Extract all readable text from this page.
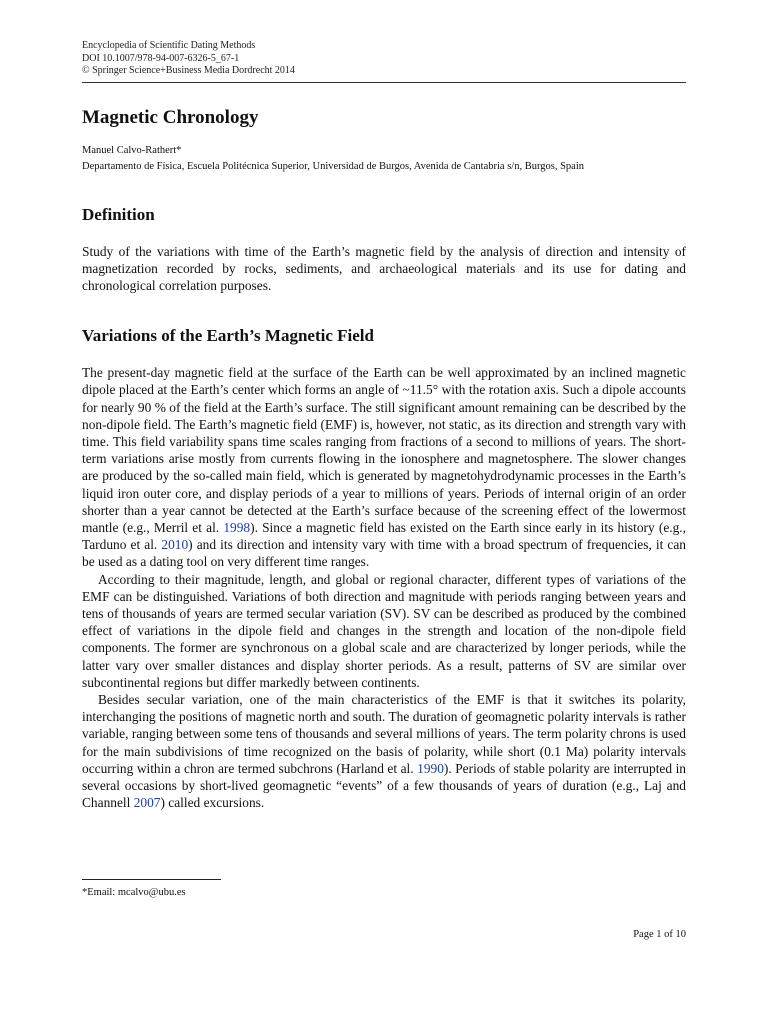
Encyclopedia of Scientific Dating Methods
DOI 10.1007/978-94-007-6326-5_67-1
© Springer Science+Business Media Dordrecht 2014
Magnetic Chronology
Manuel Calvo-Rathert*
Departamento de Física, Escuela Politécnica Superior, Universidad de Burgos, Avenida de Cantabria s/n, Burgos, Spain
Definition

Study of the variations with time of the Earth’s magnetic field by the analysis of direction and intensity of magnetization recorded by rocks, sediments, and archaeological materials and its use for dating and chronological correlation purposes.

Variations of the Earth’s Magnetic Field

The present-day magnetic field at the surface of the Earth can be well approximated by an inclined magnetic dipole placed at the Earth’s center which forms an angle of ~11.5° with the rotation axis. Such a dipole accounts for nearly 90 % of the field at the Earth’s surface. The still significant amount remaining can be described by the non-dipole field. The Earth’s magnetic field (EMF) is, however, not static, as its direction and strength vary with time. This field variability spans time scales ranging from fractions of a second to millions of years. The short-term variations arise mostly from currents flowing in the ionosphere and magnetosphere. The slower changes are produced by the so-called main field, which is generated by magnetohydrodynamic processes in the Earth’s liquid iron outer core, and display periods of a year to millions of years. Periods of internal origin of an order shorter than a year cannot be detected at the Earth’s surface because of the screening effect of the lowermost mantle (e.g., Merril et al. 1998). Since a magnetic field has existed on the Earth since early in its history (e.g., Tarduno et al. 2010) and its direction and intensity vary with time with a broad spectrum of frequencies, it can be used as a dating tool on very different time ranges.

According to their magnitude, length, and global or regional character, different types of variations of the EMF can be distinguished. Variations of both direction and magnitude with periods ranging between years and tens of thousands of years are termed secular variation (SV). SV can be described as produced by the combined effect of variations in the dipole field and changes in the strength and location of the non-dipole field components. The former are synchronous on a global scale and are characterized by longer periods, while the latter vary over smaller distances and display shorter periods. As a result, patterns of SV are similar over subcontinental regions but differ markedly between continents.

Besides secular variation, one of the main characteristics of the EMF is that it switches its polarity, interchanging the positions of magnetic north and south. The duration of geomagnetic polarity intervals is rather variable, ranging between some tens of thousands and several millions of years. The term polarity chrons is used for the main subdivisions of time recognized on the basis of polarity, while short (0.1 Ma) polarity intervals occurring within a chron are termed subchrons (Harland et al. 1990). Periods of stable polarity are interrupted in several occasions by short-lived geomagnetic “events” of a few thousands of years of duration (e.g., Laj and Channell 2007) called excursions.

*Email: mcalvo@ubu.es
Page 1 of 10
